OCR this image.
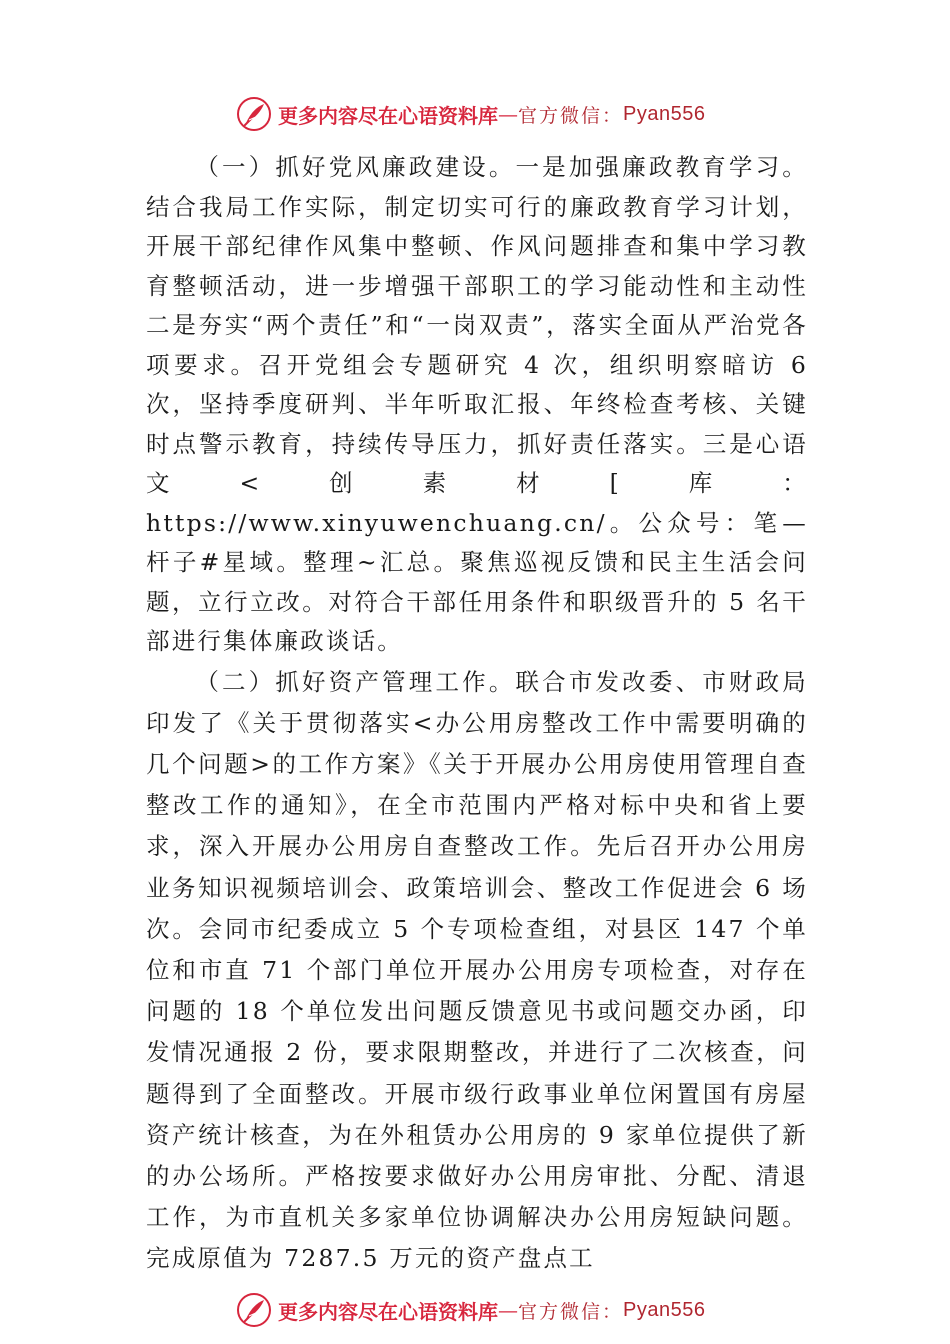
更多内容尽在心语资料库 — 官方微信： Pyan556

（一）抓好党风廉政建设。一是加强廉政教育学习。结合我局工作实际，制定切实可行的廉政教育学习计划，开展干部纪律作风集中整顿、作风问题排查和集中学习教育整顿活动，进一步增强干部职工的学习能动性和主动性二是夯实“两个责任”和“一岗双责”，落实全面从严治党各项要求。召开党组会专题研究 4 次，组织明察暗访 6 次，坚持季度研判、半年听取汇报、年终检查考核、关键时点警示教育，持续传导压力，抓好责任落实。三是心语文<创素材[库：https://www.xinyuwenchuang.cn/。公众号：笔—杆子#星域。整理~汇总。聚焦巡视反馈和民主生活会问题，立行立改。对符合干部任用条件和职级晋升的 5 名干部进行集体廉政谈话。

（二）抓好资产管理工作。联合市发改委、市财政局印发了《关于贯彻落实<办公用房整改工作中需要明确的几个问题>的工作方案》《关于开展办公用房使用管理自查整改工作的通知》，在全市范围内严格对标中央和省上要求，深入开展办公用房自查整改工作。先后召开办公用房业务知识视频培训会、政策培训会、整改工作促进会 6 场次。会同市纪委成立 5 个专项检查组，对县区 147 个单位和市直 71 个部门单位开展办公用房专项检查，对存在问题的 18 个单位发出问题反馈意见书或问题交办函，印发情况通报 2 份，要求限期整改，并进行了二次核查，问题得到了全面整改。开展市级行政事业单位闲置国有房屋资产统计核查，为在外租赁办公用房的 9 家单位提供了新的办公场所。严格按要求做好办公用房审批、分配、清退工作，为市直机关多家单位协调解决办公用房短缺问题。完成原值为 7287.5 万元的资产盘点工

更多内容尽在心语资料库 — 官方微信： Pyan556
